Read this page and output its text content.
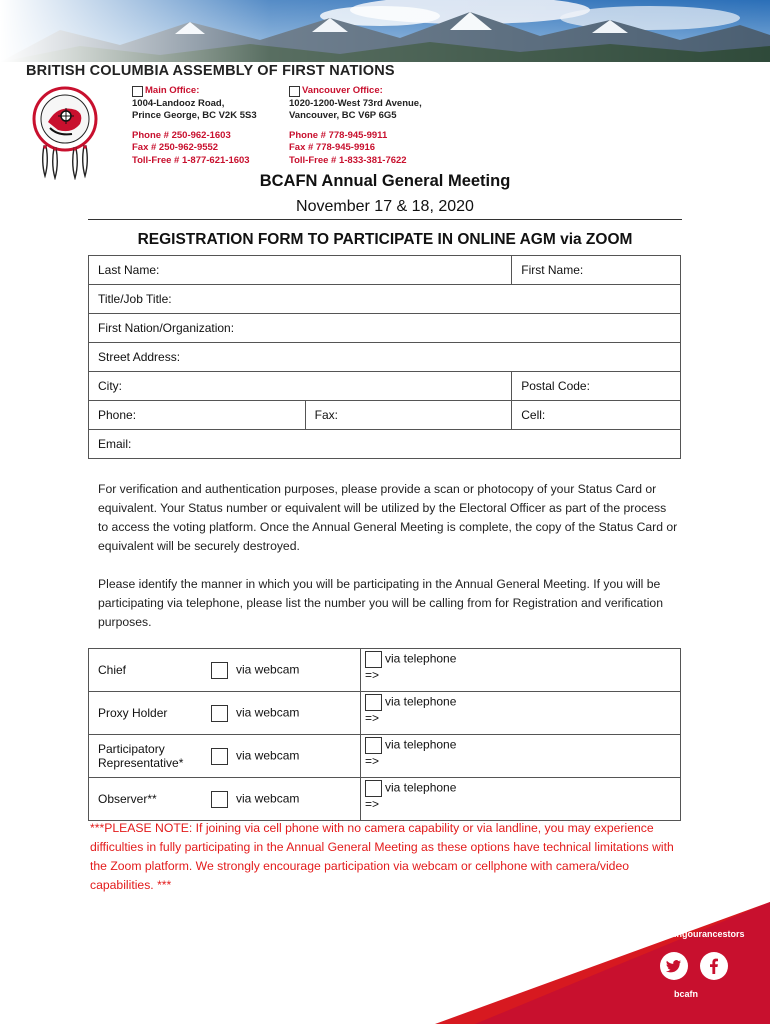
BRITISH COLUMBIA ASSEMBLY OF FIRST NATIONS
Main Office:
1004-Landooz Road,
Prince George, BC V2K 5S3
Phone # 250-962-1603
Fax # 250-962-9552
Toll-Free # 1-877-621-1603
Vancouver Office:
1020-1200-West 73rd Avenue,
Vancouver, BC V6P 6G5
Phone # 778-945-9911
Fax # 778-945-9916
Toll-Free # 1-833-381-7622
BCAFN Annual General Meeting
November 17 & 18, 2020
REGISTRATION FORM TO PARTICIPATE IN ONLINE AGM via ZOOM
Last Name:		First Name:
Title/Job Title:		
First Nation/Organization:		
Street Address:		
City:		Postal Code:
Phone:	Fax:	Cell:
Email:		
For verification and authentication purposes, please provide a scan or photocopy of your Status Card or equivalent. Your Status number or equivalent will be utilized by the Electoral Officer as part of the process to access the voting platform. Once the Annual General Meeting is complete, the copy of the Status Card or equivalent will be securely destroyed.
Please identify the manner in which you will be participating in the Annual General Meeting. If you will be participating via telephone, please list the number you will be calling from for Registration and verification purposes.
Chief	via webcam	via telephone
=>
Proxy Holder	via webcam	via telephone
=>
Participatory Representative*	via webcam	via telephone
=>
Observer**	via webcam	via telephone
=>
***PLEASE NOTE: If joining via cell phone with no camera capability or via landline, you may experience difficulties in fully participating in the Annual General Meeting as these options have technical limitations with the Zoom platform. We strongly encourage participation via webcam or cellphone with camera/video capabilities. ***
#honouringourancestors
bcafn
